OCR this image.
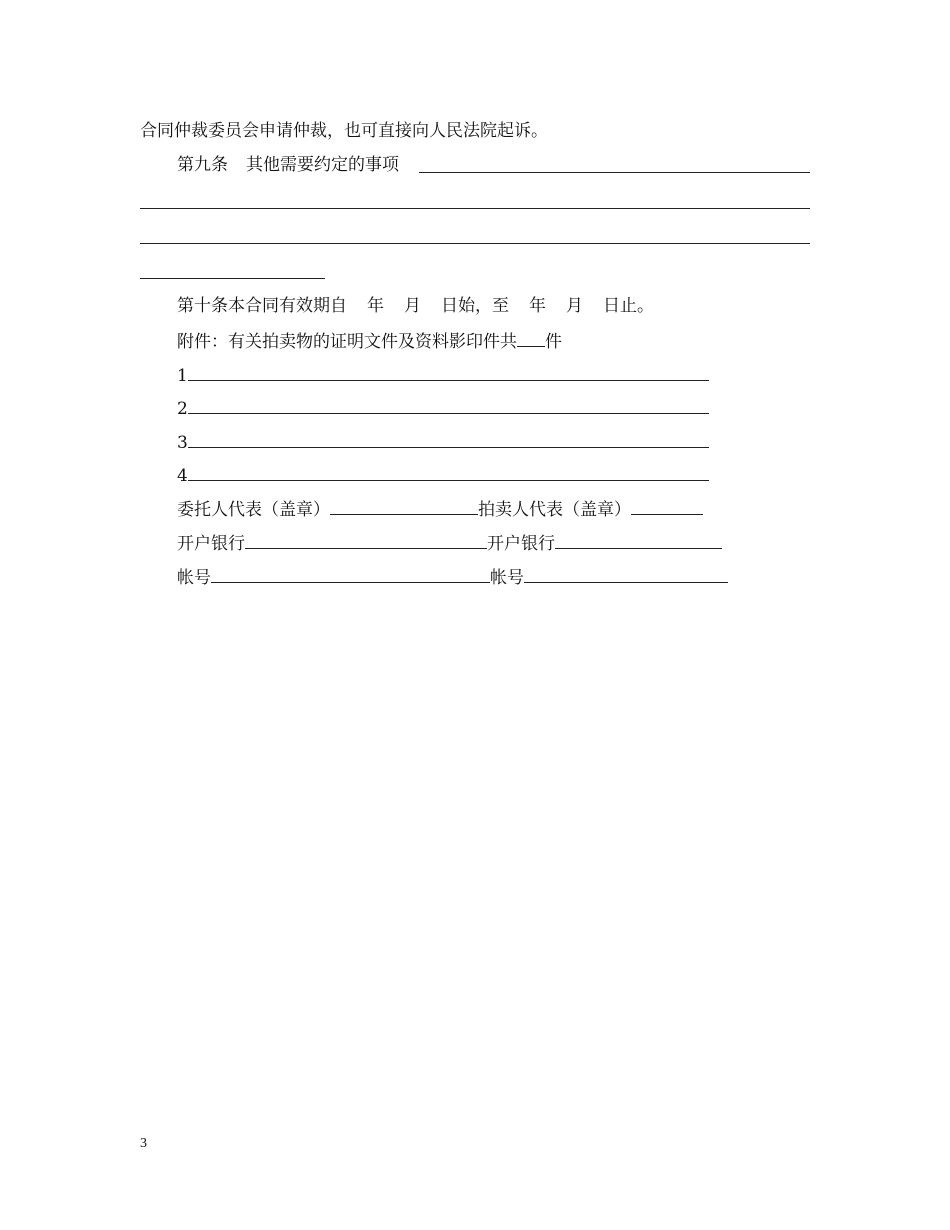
合同仲裁委员会申请仲裁，也可直接向人民法院起诉。
第九条 其他需要约定的事项
第十条本合同有效期自 年 月 日始，至 年 月 日止。
附件：有关拍卖物的证明文件及资料影印件共 件
1
2
3
4
委托人代表（盖章）	拍卖人代表（盖章）
开户银行	开户银行
帐号	帐号
3
